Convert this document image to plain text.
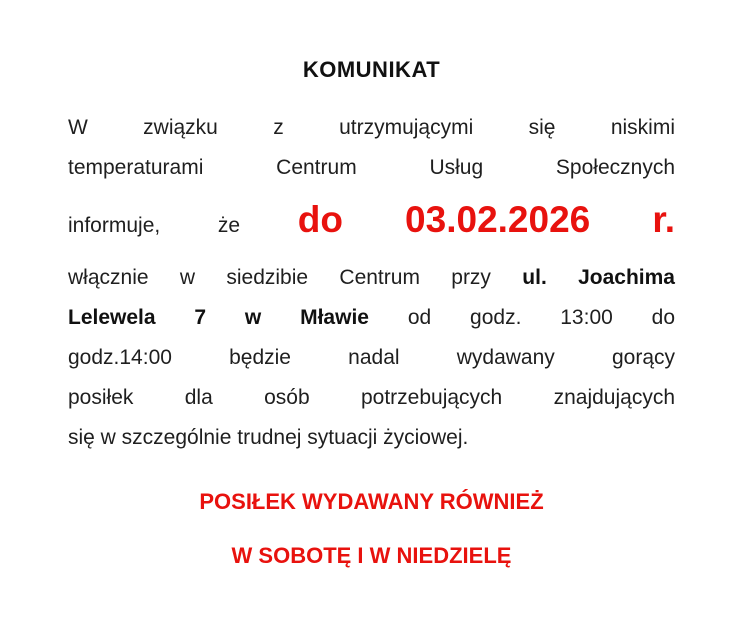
KOMUNIKAT
W związku z utrzymującymi się niskimi
temperaturami Centrum Usług Społecznych
informuje, że do 03.02.2026 r.
włącznie w siedzibie Centrum przy ul. Joachima
Lelewela 7 w Mławie od godz. 13:00 do
godz.14:00 będzie nadal wydawany gorący
posiłek dla osób potrzebujących znajdujących
się w szczególnie trudnej sytuacji życiowej.
POSIŁEK WYDAWANY RÓWNIEŻ
W SOBOTĘ I W NIEDZIELĘ
